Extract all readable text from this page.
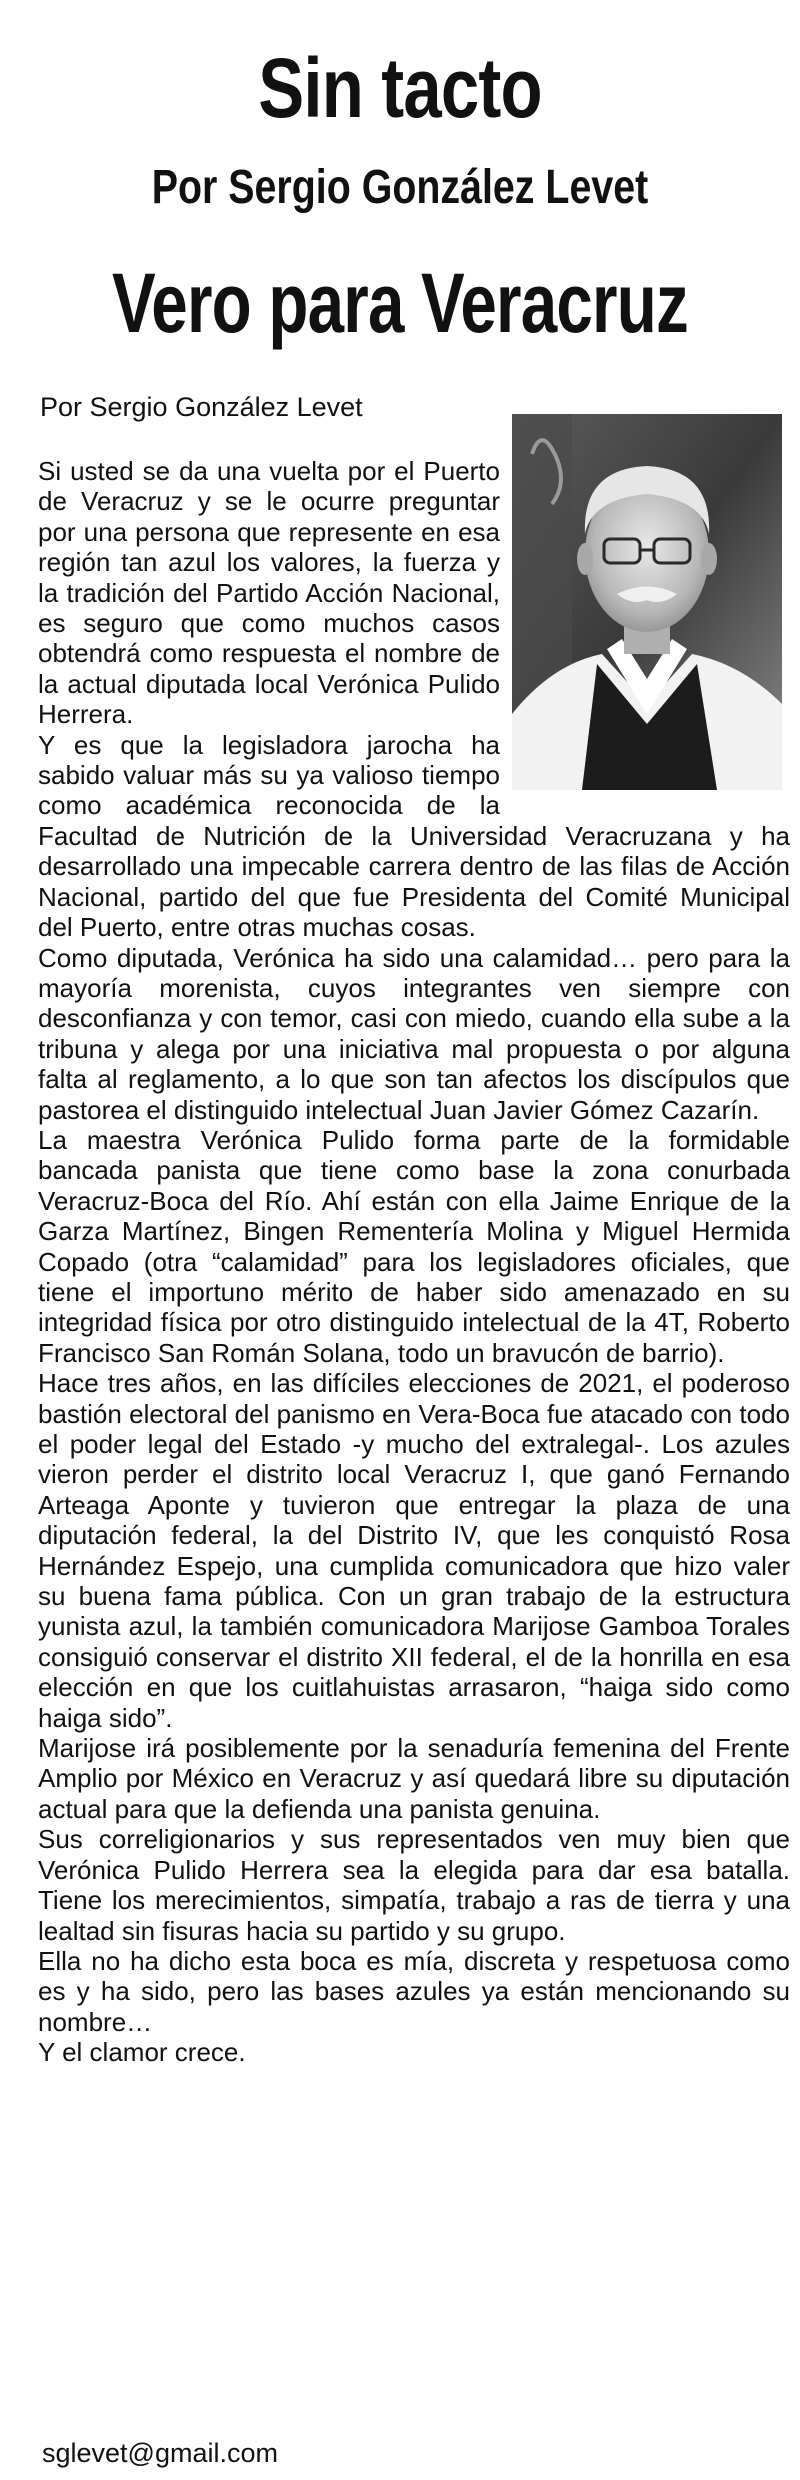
Sin tacto
Por Sergio González Levet
Vero para Veracruz
Por Sergio González Levet

Si usted se da una vuelta por el Puerto de Veracruz y se le ocurre preguntar por una persona que represente en esa región tan azul los valores, la fuerza y la tradición del Partido Acción Nacional, es seguro que como muchos casos obtendrá como respuesta el nombre de la actual diputada local Verónica Pulido Herrera.

Y es que la legisladora jarocha ha sabido valuar más su ya valioso tiempo como académica reconocida de la Facultad de Nutrición de la Universidad Veracruzana y ha desarrollado una impecable carrera dentro de las filas de Acción Nacional, partido del que fue Presidenta del Comité Municipal del Puerto, entre otras muchas cosas.

Como diputada, Verónica ha sido una calamidad… pero para la mayoría morenista, cuyos integrantes ven siempre con desconfianza y con temor, casi con miedo, cuando ella sube a la tribuna y alega por una iniciativa mal propuesta o por alguna falta al reglamento, a lo que son tan afectos los discípulos que pastorea el distinguido intelectual Juan Javier Gómez Cazarín.

La maestra Verónica Pulido forma parte de la formidable bancada panista que tiene como base la zona conurbada Veracruz-Boca del Río. Ahí están con ella Jaime Enrique de la Garza Martínez, Bingen Rementería Molina y Miguel Hermida Copado (otra “calamidad” para los legisladores oficiales, que tiene el importuno mérito de haber sido amenazado en su integridad física por otro distinguido intelectual de la 4T, Roberto Francisco San Román Solana, todo un bravucón de barrio).

Hace tres años, en las difíciles elecciones de 2021, el poderoso bastión electoral del panismo en Vera-Boca fue atacado con todo el poder legal del Estado -y mucho del extralegal-. Los azules vieron perder el distrito local Veracruz I, que ganó Fernando Arteaga Aponte y tuvieron que entregar la plaza de una diputación federal, la del Distrito IV, que les conquistó Rosa Hernández Espejo, una cumplida comunicadora que hizo valer su buena fama pública. Con un gran trabajo de la estructura yunista azul, la también comunicadora Marijose Gamboa Torales consiguió conservar el distrito XII federal, el de la honrilla en esa elección en que los cuitlahuistas arrasaron, “haiga sido como haiga sido”.

Marijose irá posiblemente por la senaduría femenina del Frente Amplio por México en Veracruz y así quedará libre su diputación actual para que la defienda una panista genuina.

Sus correligionarios y sus representados ven muy bien que Verónica Pulido Herrera sea la elegida para dar esa batalla. Tiene los merecimientos, simpatía, trabajo a ras de tierra y una lealtad sin fisuras hacia su partido y su grupo.

Ella no ha dicho esta boca es mía, discreta y respetuosa como es y ha sido, pero las bases azules ya están mencionando su nombre…

Y el clamor crece.

sglevet@gmail.com
